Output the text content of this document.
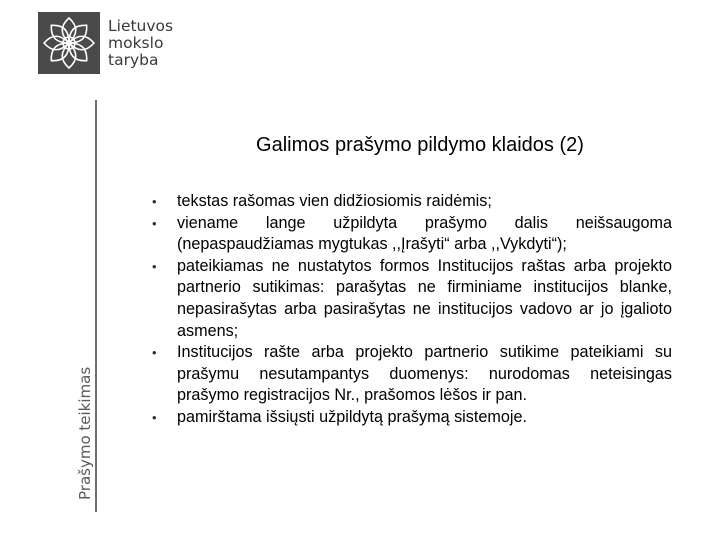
Lietuvos
mokslo
taryba
Prašymo teikimas
Galimos prašymo pildymo klaidos (2)
• tekstas rašomas vien didžiosiomis raidėmis;
• viename lange užpildyta prašymo dalis neišsaugoma (nepaspaudžiamas mygtukas ,,Įrašyti“ arba ,,Vykdyti“);
• pateikiamas ne nustatytos formos Institucijos raštas arba projekto partnerio sutikimas: parašytas ne firminiame institucijos blanke, nepasirašytas arba pasirašytas ne institucijos vadovo ar jo įgalioto asmens;
• Institucijos rašte arba projekto partnerio sutikime pateikiami su prašymu nesutampantys duomenys: nurodomas neteisingas prašymo registracijos Nr., prašomos lėšos ir pan.
• pamirštama išsiųsti užpildytą prašymą sistemoje.
